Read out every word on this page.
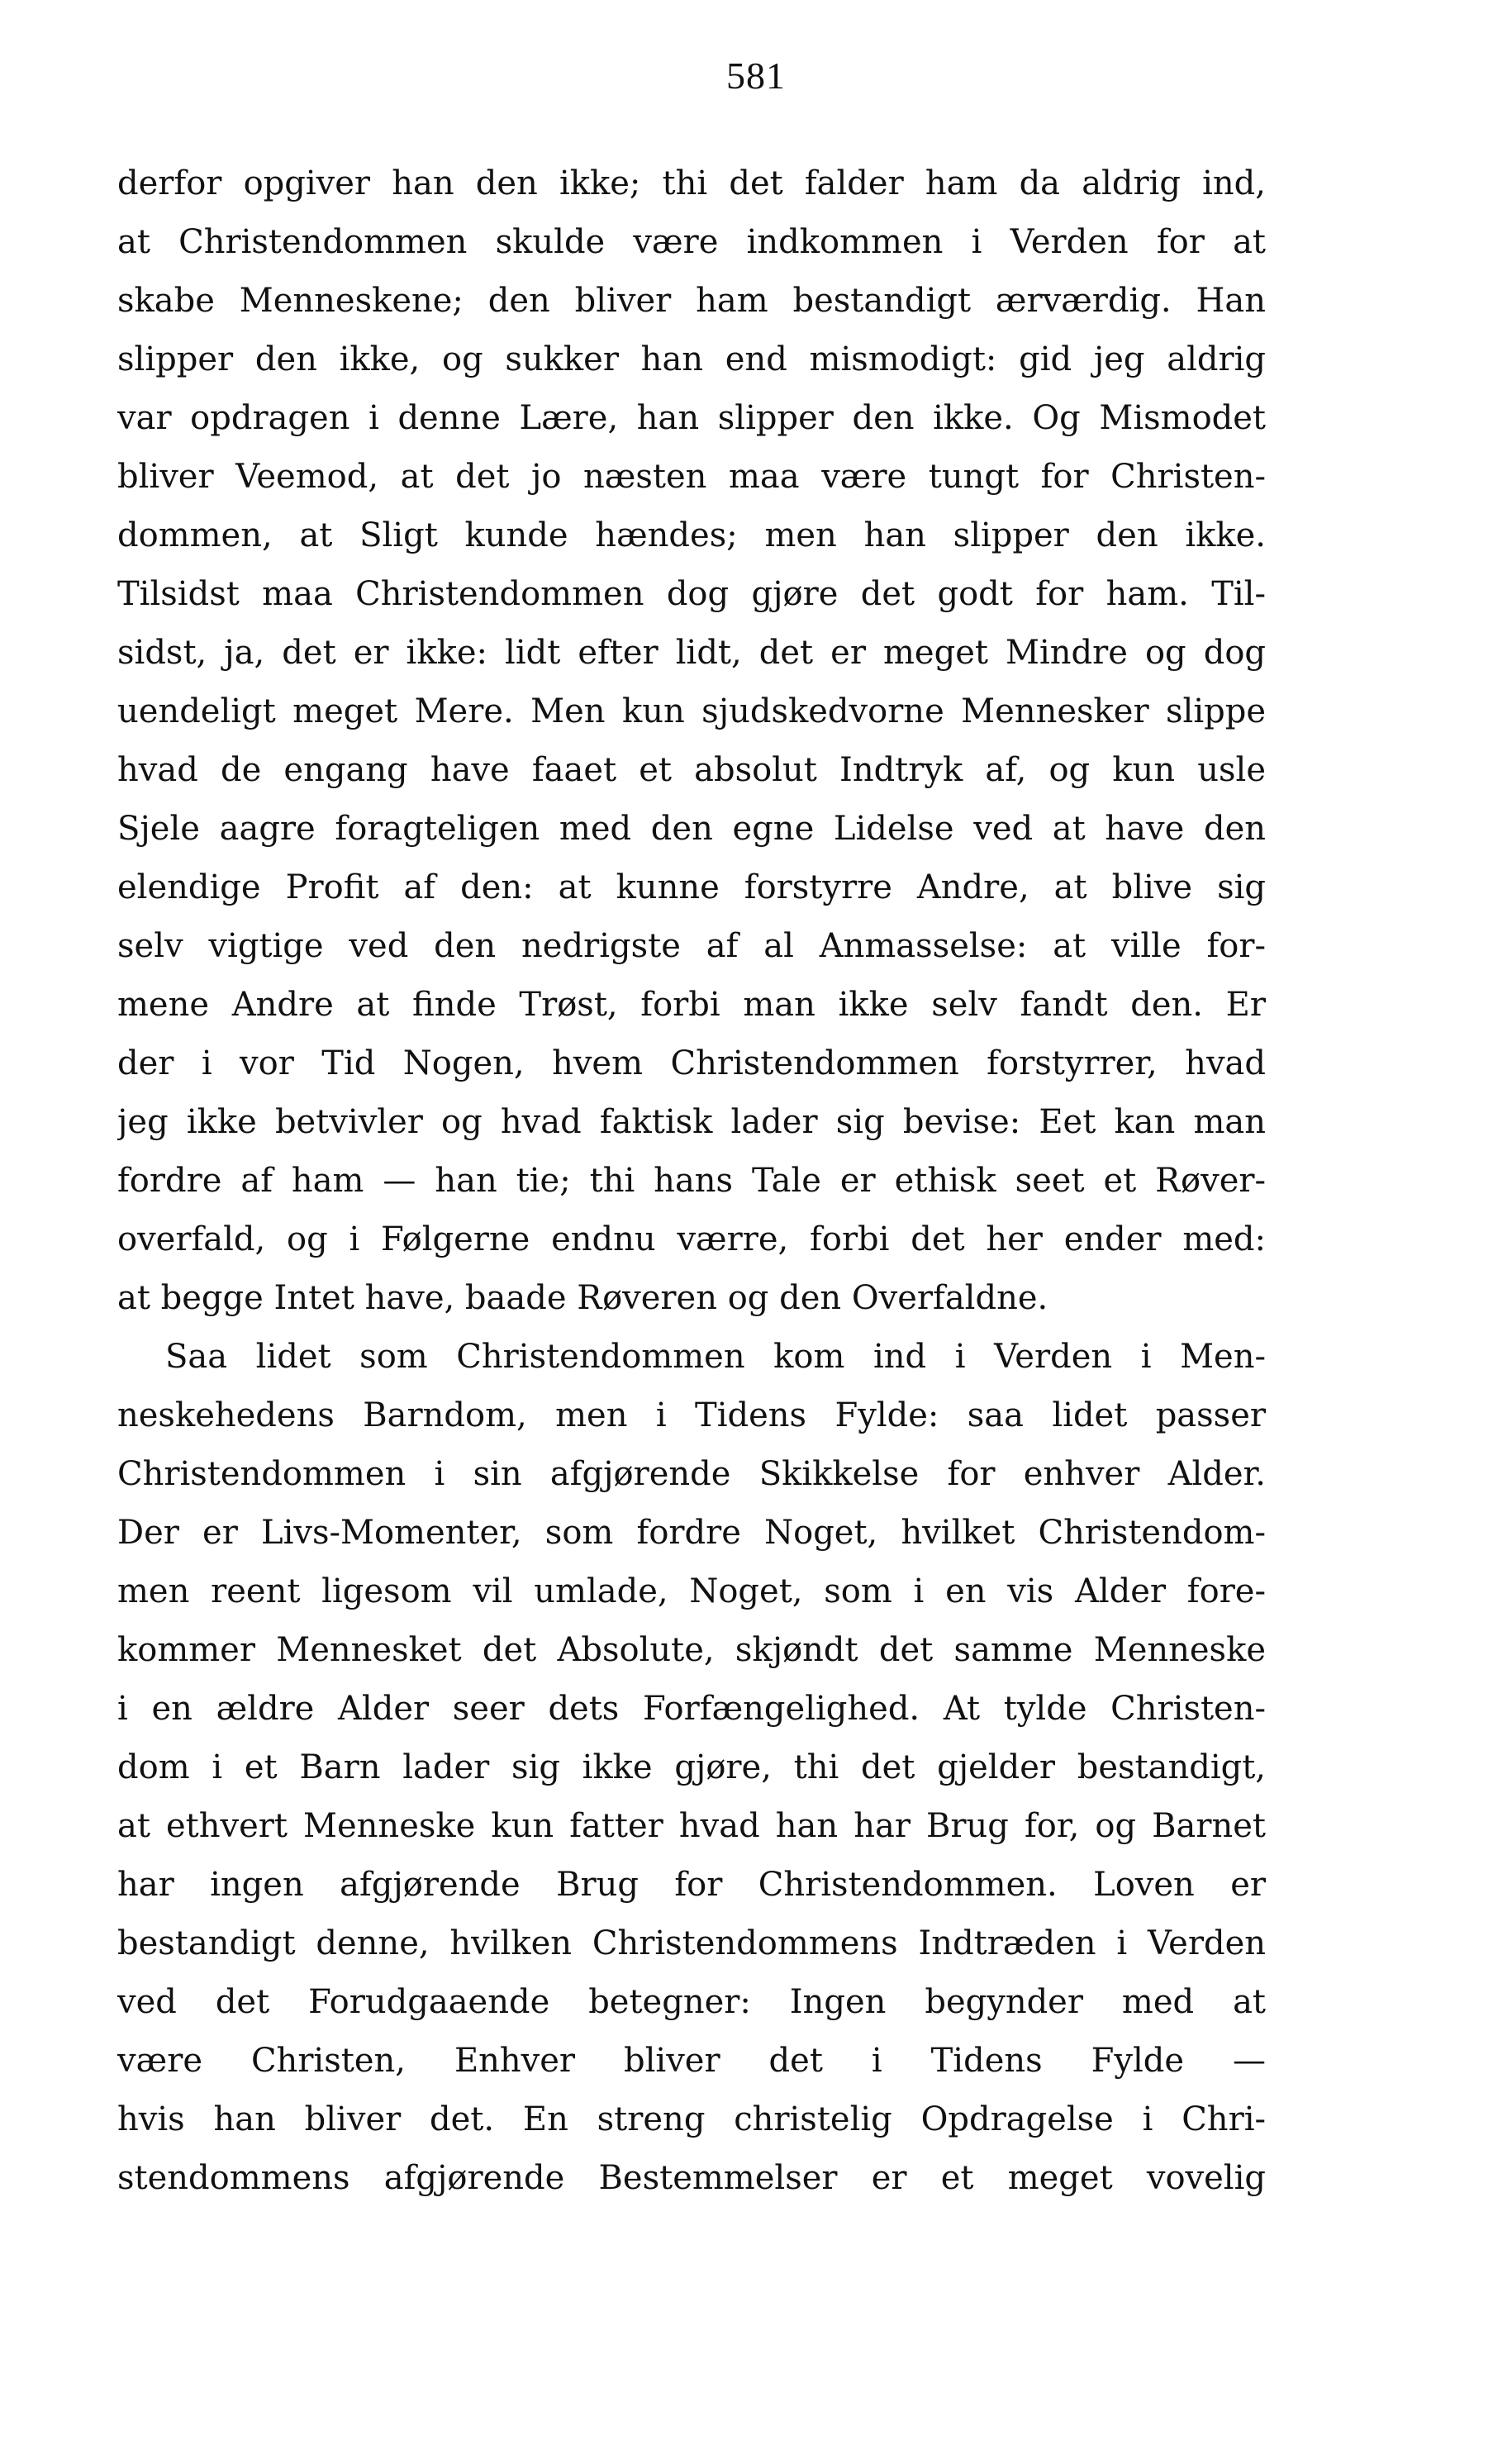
581
derfor opgiver han den ikke; thi det falder ham da aldrig ind,
at Christendommen skulde være indkommen i Verden for at
skabe Menneskene; den bliver ham bestandigt ærværdig. Han
slipper den ikke, og sukker han end mismodigt: gid jeg aldrig
var opdragen i denne Lære, han slipper den ikke. Og Mismodet
bliver Veemod, at det jo næsten maa være tungt for Christen-
dommen, at Sligt kunde hændes; men han slipper den ikke.
Tilsidst maa Christendommen dog gjøre det godt for ham. Til-
sidst, ja, det er ikke: lidt efter lidt, det er meget Mindre og dog
uendeligt meget Mere. Men kun sjudskedvorne Mennesker slippe
hvad de engang have faaet et absolut Indtryk af, og kun usle
Sjele aagre foragteligen med den egne Lidelse ved at have den
elendige Profit af den: at kunne forstyrre Andre, at blive sig
selv vigtige ved den nedrigste af al Anmasselse: at ville for-
mene Andre at finde Trøst, forbi man ikke selv fandt den. Er
der i vor Tid Nogen, hvem Christendommen forstyrrer, hvad
jeg ikke betvivler og hvad faktisk lader sig bevise: Eet kan man
fordre af ham — han tie; thi hans Tale er ethisk seet et Røver-
overfald, og i Følgerne endnu værre, forbi det her ender med:
at begge Intet have, baade Røveren og den Overfaldne.
Saa lidet som Christendommen kom ind i Verden i Men-
neskehedens Barndom, men i Tidens Fylde: saa lidet passer
Christendommen i sin afgjørende Skikkelse for enhver Alder.
Der er Livs-Momenter, som fordre Noget, hvilket Christendom-
men reent ligesom vil umlade, Noget, som i en vis Alder fore-
kommer Mennesket det Absolute, skjøndt det samme Menneske
i en ældre Alder seer dets Forfængelighed. At tylde Christen-
dom i et Barn lader sig ikke gjøre, thi det gjelder bestandigt,
at ethvert Menneske kun fatter hvad han har Brug for, og Barnet
har ingen afgjørende Brug for Christendommen. Loven er
bestandigt denne, hvilken Christendommens Indtræden i Verden
ved det Forudgaaende betegner: Ingen begynder med at
være Christen, Enhver bliver det i Tidens Fylde —
hvis han bliver det. En streng christelig Opdragelse i Chri-
stendommens afgjørende Bestemmelser er et meget vovelig
